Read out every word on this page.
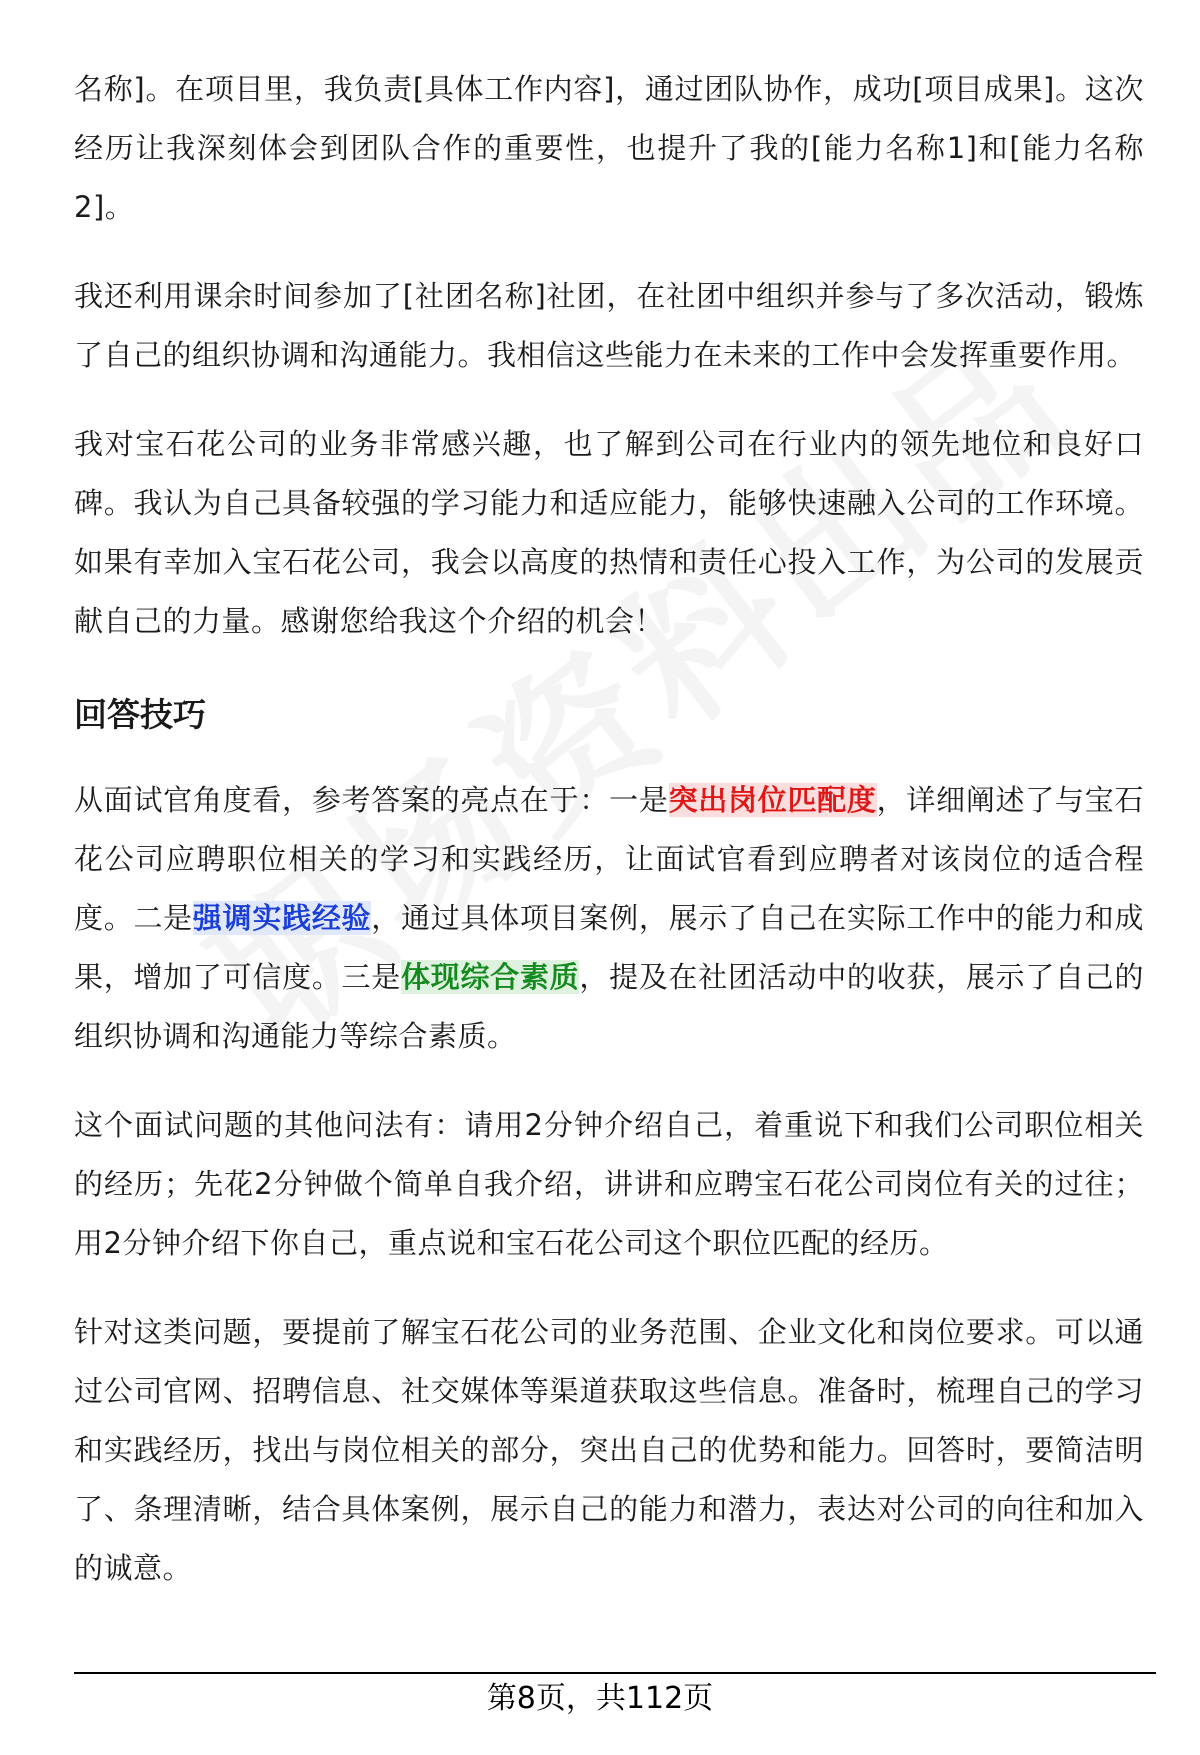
名称]。在项目里，我负责[具体工作内容]，通过团队协作，成功[项目成果]。这次经历让我深刻体会到团队合作的重要性，也提升了我的[能力名称1]和[能力名称2]。

我还利用课余时间参加了[社团名称]社团，在社团中组织并参与了多次活动，锻炼了自己的组织协调和沟通能力。我相信这些能力在未来的工作中会发挥重要作用。

我对宝石花公司的业务非常感兴趣，也了解到公司在行业内的领先地位和良好口碑。我认为自己具备较强的学习能力和适应能力，能够快速融入公司的工作环境。如果有幸加入宝石花公司，我会以高度的热情和责任心投入工作，为公司的发展贡献自己的力量。感谢您给我这个介绍的机会！

回答技巧

从面试官角度看，参考答案的亮点在于：一是突出岗位匹配度，详细阐述了与宝石花公司应聘职位相关的学习和实践经历，让面试官看到应聘者对该岗位的适合程度。二是强调实践经验，通过具体项目案例，展示了自己在实际工作中的能力和成果，增加了可信度。三是体现综合素质，提及在社团活动中的收获，展示了自己的组织协调和沟通能力等综合素质。

这个面试问题的其他问法有：请用2分钟介绍自己，着重说下和我们公司职位相关的经历；先花2分钟做个简单自我介绍，讲讲和应聘宝石花公司岗位有关的过往；用2分钟介绍下你自己，重点说和宝石花公司这个职位匹配的经历。

针对这类问题，要提前了解宝石花公司的业务范围、企业文化和岗位要求。可以通过公司官网、招聘信息、社交媒体等渠道获取这些信息。准备时，梳理自己的学习和实践经历，找出与岗位相关的部分，突出自己的优势和能力。回答时，要简洁明了、条理清晰，结合具体案例，展示自己的能力和潜力，表达对公司的向往和加入的诚意。

第8页，共112页
